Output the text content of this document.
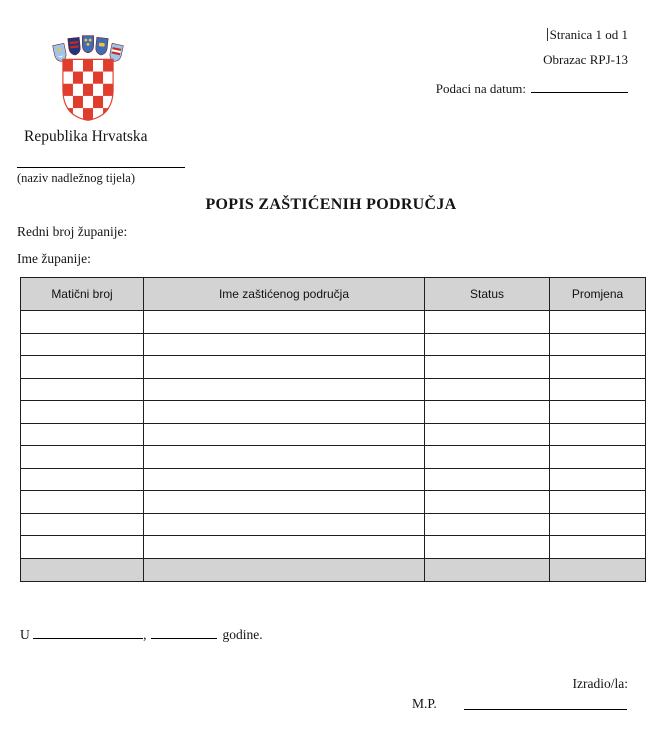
Stranica 1 od 1
Obrazac RPJ-13
Podaci na datum:
Republika Hrvatska
(naziv nadležnog tijela)
POPIS ZAŠTIĆENIH PODRUČJA
Redni broj županije:
Ime županije:
Matični broj	Ime zaštićenog područja	Status	Promjena

U	,	godine.
Izradio/la:
M.P.
